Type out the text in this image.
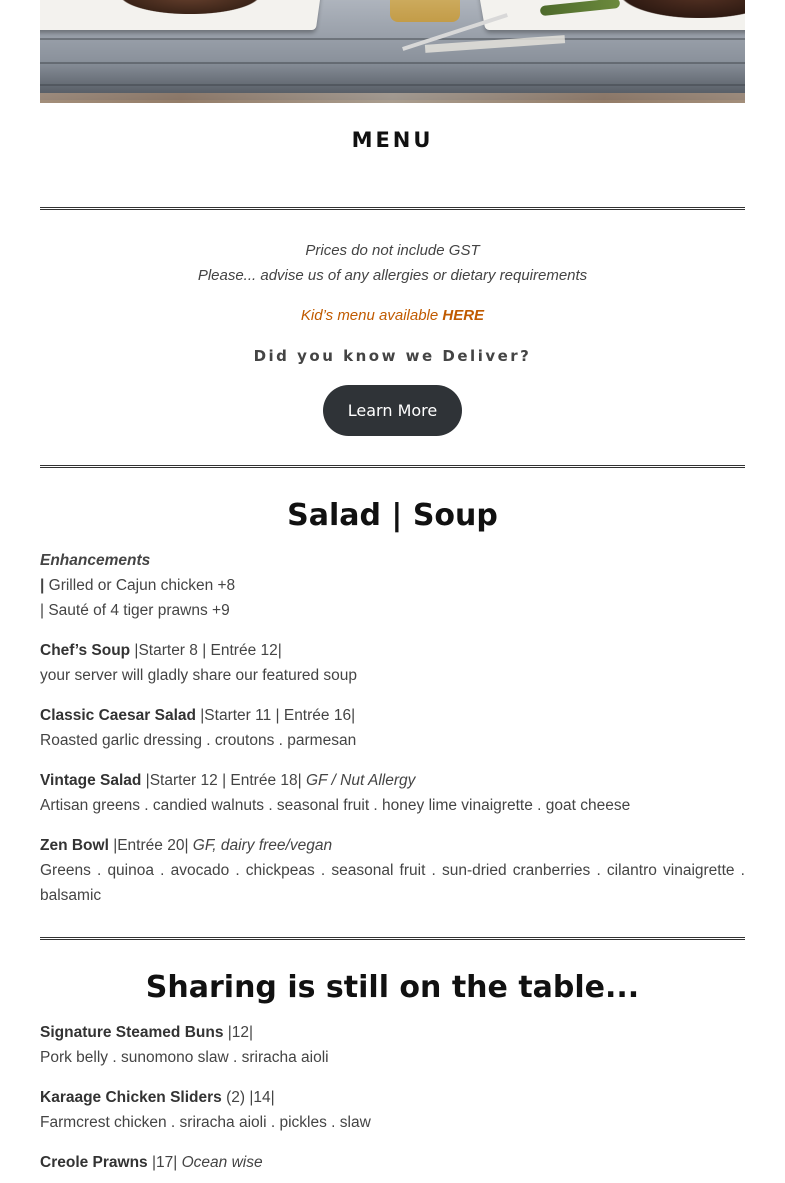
MENU
Prices do not include GST
Please... advise us of any allergies or dietary requirements
Kid’s menu available HERE
Did you know we Deliver?
Learn More
Salad | Soup
Enhancements
| Grilled or Cajun chicken +8
| Sauté of 4 tiger prawns +9
Chef’s Soup |Starter 8 | Entrée 12|
your server will gladly share our featured soup
Classic Caesar Salad |Starter 11 | Entrée 16|
Roasted garlic dressing . croutons . parmesan
Vintage Salad |Starter 12 | Entrée 18| GF / Nut Allergy
Artisan greens . candied walnuts . seasonal fruit . honey lime vinaigrette . goat cheese
Zen Bowl |Entrée 20| GF, dairy free/vegan
Greens . quinoa . avocado . chickpeas . seasonal fruit . sun-dried cranberries . cilantro vinaigrette . balsamic
Sharing is still on the table...
Signature Steamed Buns |12|
Pork belly . sunomono slaw . sriracha aioli
Karaage Chicken Sliders (2) |14|
Farmcrest chicken . sriracha aioli . pickles . slaw
Creole Prawns |17| Ocean wise
